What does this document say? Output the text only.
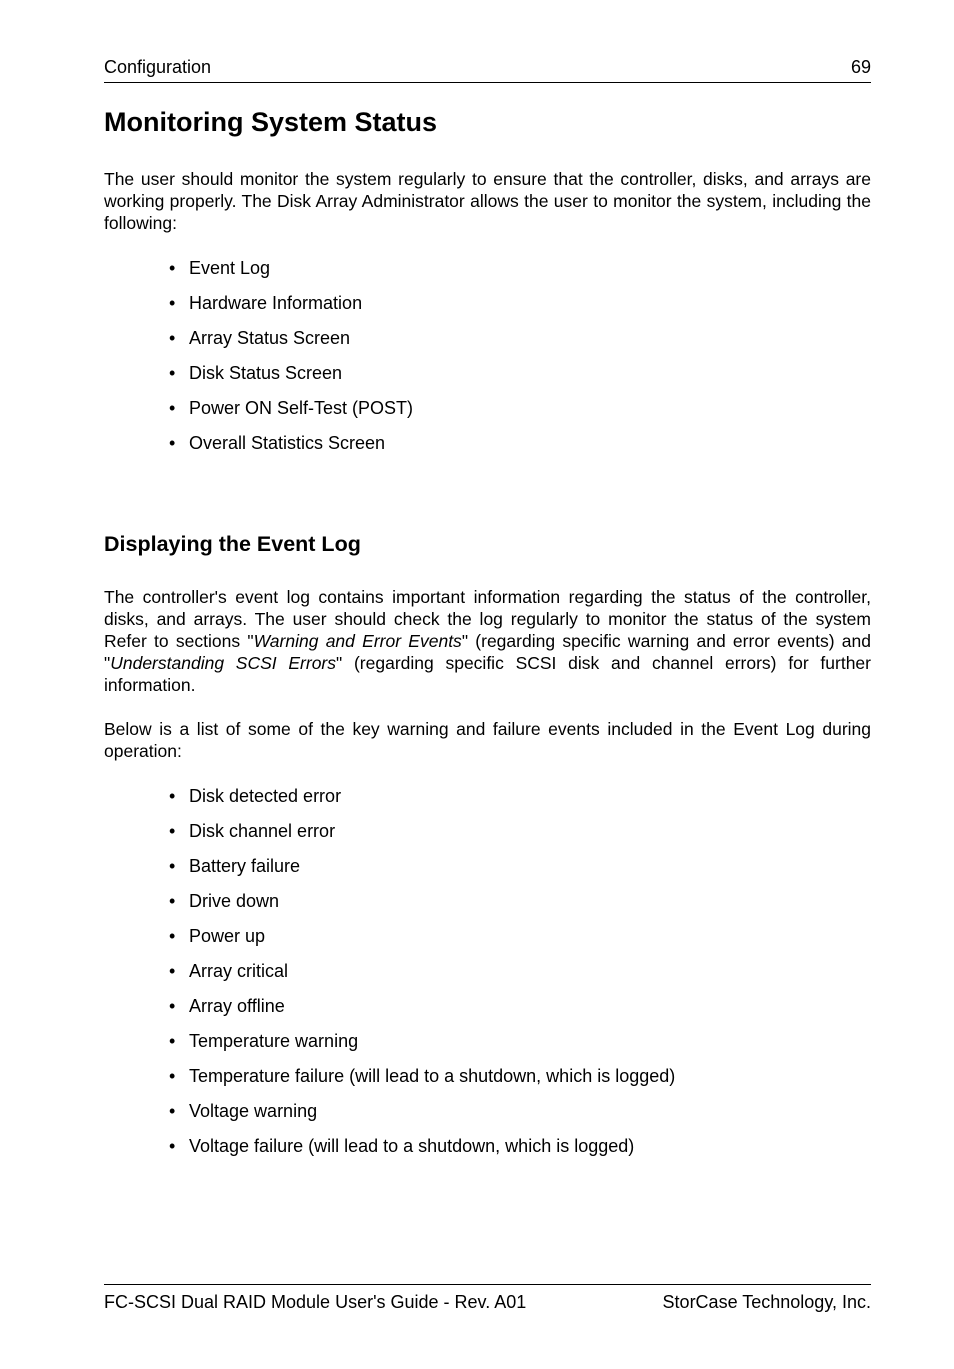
Configuration	69
Monitoring System Status

The user should monitor the system regularly to ensure that the controller, disks, and arrays are working properly. The Disk Array Administrator allows the user to monitor the system, including the following:

• Event Log
• Hardware Information
• Array Status Screen
• Disk Status Screen
• Power ON Self-Test (POST)
• Overall Statistics Screen
Displaying the Event Log

The controller's event log contains important information regarding the status of the controller, disks, and arrays. The user should check the log regularly to monitor the status of the system Refer to sections "Warning and Error Events" (regarding specific warning and error events) and "Understanding SCSI Errors" (regarding specific SCSI disk and channel errors) for further information.

Below is a list of some of the key warning and failure events included in the Event Log during operation:

• Disk detected error
• Disk channel error
• Battery failure
• Drive down
• Power up
• Array critical
• Array offline
• Temperature warning
• Temperature failure (will lead to a shutdown, which is logged)
• Voltage warning
• Voltage failure (will lead to a shutdown, which is logged)
FC-SCSI Dual RAID Module User's Guide - Rev. A01	StorCase Technology, Inc.
